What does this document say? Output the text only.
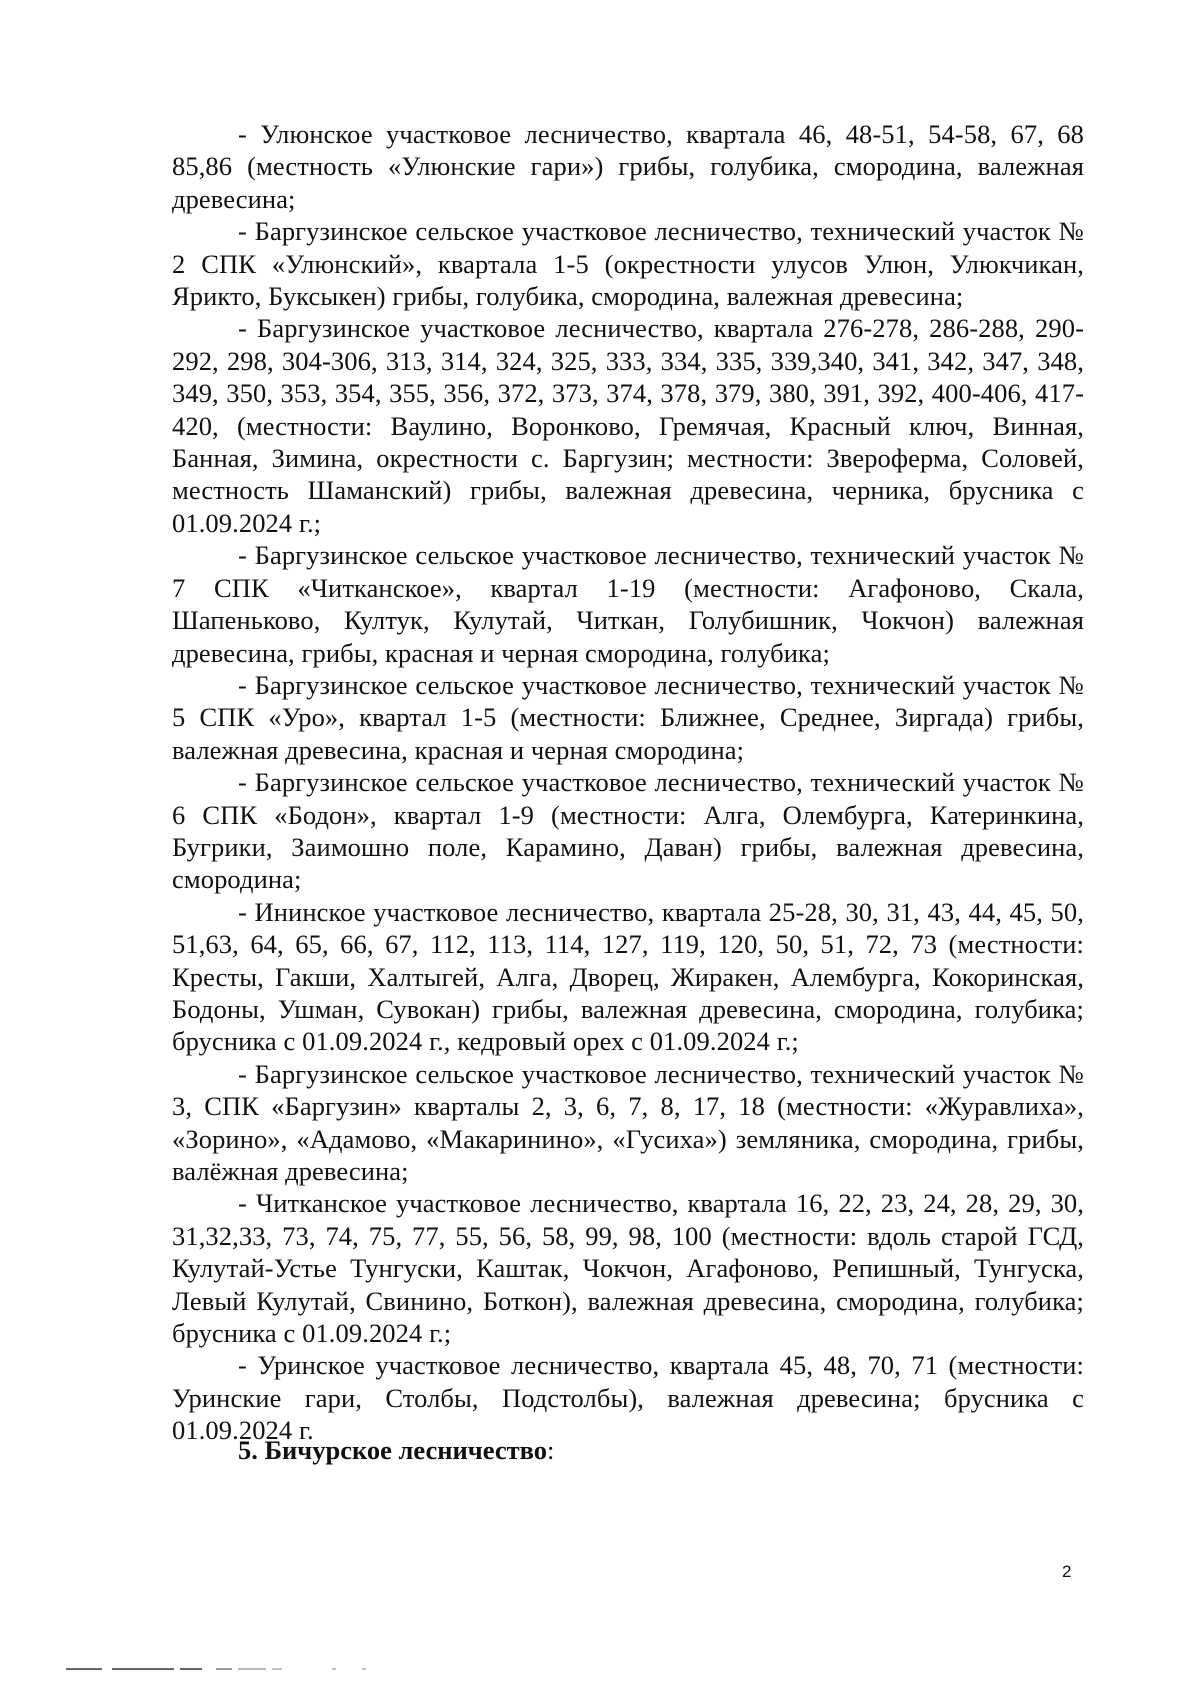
- Улюнское участковое лесничество, квартала 46, 48-51, 54-58, 67, 68 85,86 (местность «Улюнские гари») грибы, голубика, смородина, валежная древесина;

- Баргузинское сельское участковое лесничество, технический участок № 2 СПК «Улюнский», квартала 1-5 (окрестности улусов Улюн, Улюкчикан, Ярикто, Буксыкен) грибы, голубика, смородина, валежная древесина;

- Баргузинское участковое лесничество, квартала 276-278, 286-288, 290-292, 298, 304-306, 313, 314, 324, 325, 333, 334, 335, 339,340, 341, 342, 347, 348, 349, 350, 353, 354, 355, 356, 372, 373, 374, 378, 379, 380, 391, 392, 400-406, 417-420, (местности: Ваулино, Воронково, Гремячая, Красный ключ, Винная, Банная, Зимина, окрестности с. Баргузин; местности: Звероферма, Соловей, местность Шаманский) грибы, валежная древесина, черника, брусника с 01.09.2024 г.;

- Баргузинское сельское участковое лесничество, технический участок № 7 СПК «Читканское», квартал 1-19 (местности: Агафоново, Скала, Шапеньково, Култук, Кулутай, Читкан, Голубишник, Чокчон) валежная древесина, грибы, красная и черная смородина, голубика;

- Баргузинское сельское участковое лесничество, технический участок № 5 СПК «Уро», квартал 1-5 (местности: Ближнее, Среднее, Зиргада) грибы, валежная древесина, красная и черная смородина;

- Баргузинское сельское участковое лесничество, технический участок № 6 СПК «Бодон», квартал 1-9 (местности: Алга, Олембурга, Катеринкина, Бугрики, Заимошно поле, Карамино, Даван) грибы, валежная древесина, смородина;

- Ининское участковое лесничество, квартала 25-28, 30, 31, 43, 44, 45, 50, 51,63, 64, 65, 66, 67, 112, 113, 114, 127, 119, 120, 50, 51, 72, 73 (местности: Кресты, Гакши, Халтыгей, Алга, Дворец, Жиракен, Алембурга, Кокоринская, Бодоны, Ушман, Сувокан) грибы, валежная древесина, смородина, голубика; брусника с 01.09.2024 г., кедровый орех с 01.09.2024 г.;

- Баргузинское сельское участковое лесничество, технический участок № 3, СПК «Баргузин» кварталы 2, 3, 6, 7, 8, 17, 18 (местности: «Журавлиха», «Зорино», «Адамово, «Макаринино», «Гусиха») земляника, смородина, грибы, валёжная древесина;

- Читканское участковое лесничество, квартала 16, 22, 23, 24, 28, 29, 30, 31,32,33, 73, 74, 75, 77, 55, 56, 58, 99, 98, 100 (местности: вдоль старой ГСД, Кулутай-Устье Тунгуски, Каштак, Чокчон, Агафоново, Репишный, Тунгуска, Левый Кулутай, Свинино, Боткон), валежная древесина, смородина, голубика; брусника с 01.09.2024 г.;

- Уринское участковое лесничество, квартала 45, 48, 70, 71 (местности: Уринские гари, Столбы, Подстолбы), валежная древесина; брусника с 01.09.2024 г.

5. Бичурское лесничество:
2
